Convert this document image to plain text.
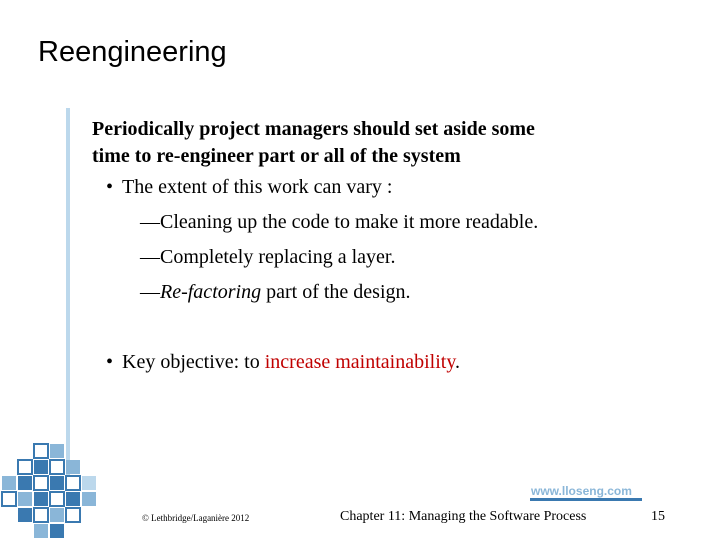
Reengineering

Periodically project managers should set aside some
time to re-engineer part or all of the system

• The extent of this work can vary :
—Cleaning up the code to make it more readable.
—Completely replacing a layer.
—Re-factoring part of the design.
• Key objective: to increase maintainability.
www.lloseng.com
© Lethbridge/Laganière 2012	Chapter 11: Managing the Software Process	15
